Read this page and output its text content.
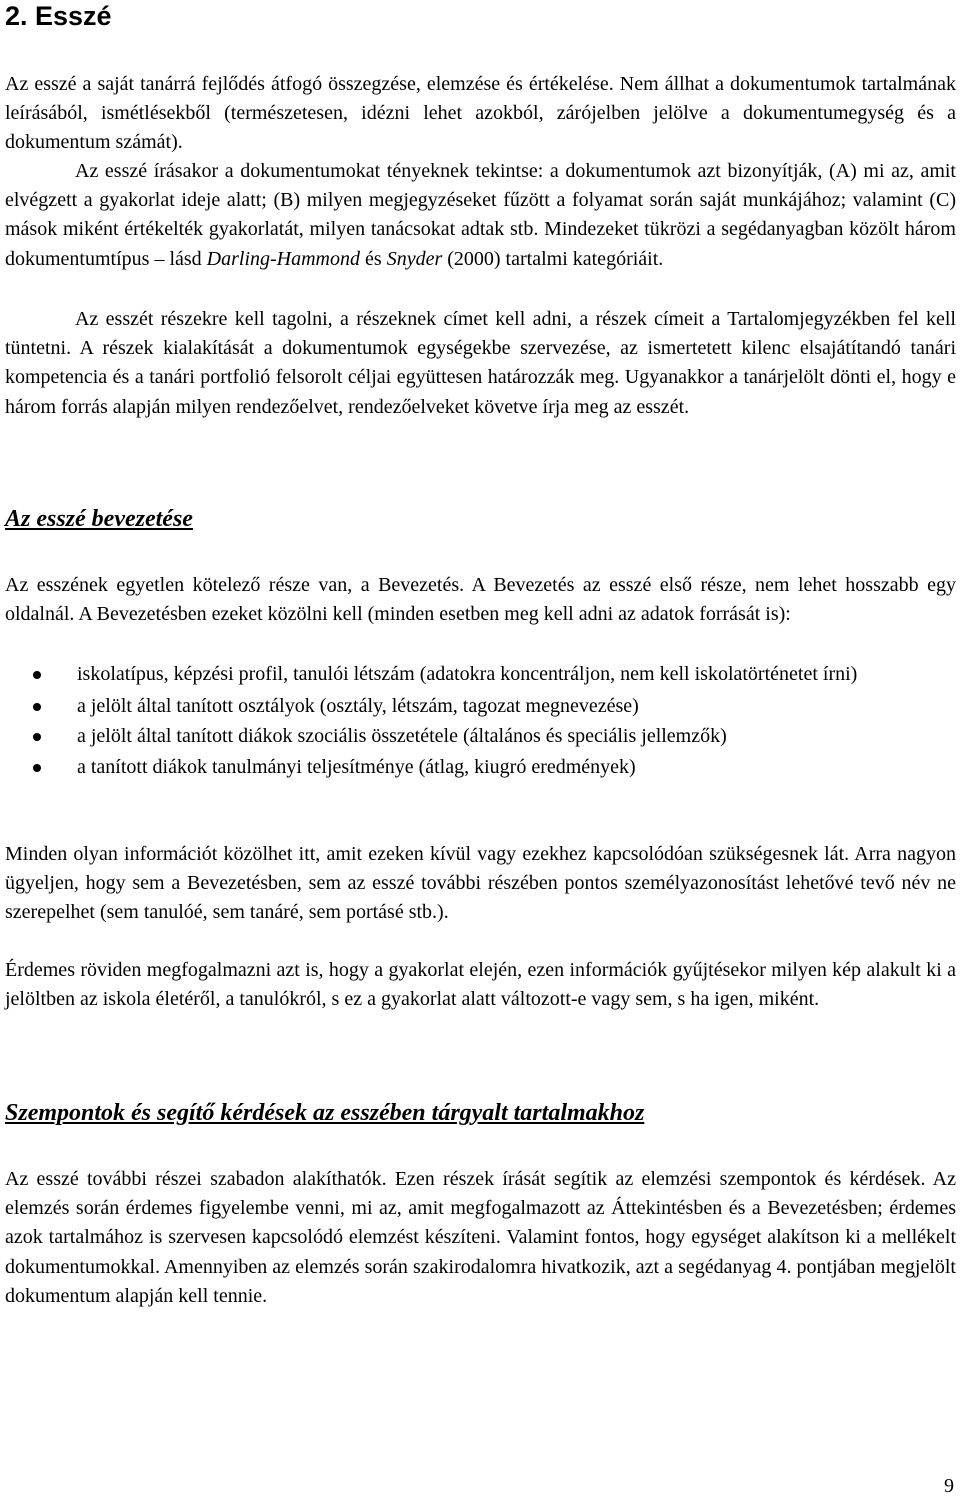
2. Esszé

Az esszé a saját tanárrá fejlődés átfogó összegzése, elemzése és értékelése. Nem állhat a dokumentumok tartalmának leírásából, ismétlésekből (természetesen, idézni lehet azokból, zárójelben jelölve a dokumentumegység és a dokumentum számát).

Az esszé írásakor a dokumentumokat tényeknek tekintse: a dokumentumok azt bizonyítják, (A) mi az, amit elvégzett a gyakorlat ideje alatt; (B) milyen megjegyzéseket fűzött a folyamat során saját munkájához; valamint (C) mások miként értékelték gyakorlatát, milyen tanácsokat adtak stb. Mindezeket tükrözi a segédanyagban közölt három dokumentumtípus – lásd Darling-Hammond és Snyder (2000) tartalmi kategóriáit.

Az esszét részekre kell tagolni, a részeknek címet kell adni, a részek címeit a Tartalomjegyzékben fel kell tüntetni. A részek kialakítását a dokumentumok egységekbe szervezése, az ismertetett kilenc elsajátítandó tanári kompetencia és a tanári portfolió felsorolt céljai együttesen határozzák meg. Ugyanakkor a tanárjelölt dönti el, hogy e három forrás alapján milyen rendezőelvet, rendezőelveket követve írja meg az esszét.

Az esszé bevezetése

Az esszének egyetlen kötelező része van, a Bevezetés. A Bevezetés az esszé első része, nem lehet hosszabb egy oldalnál. A Bevezetésben ezeket közölni kell (minden esetben meg kell adni az adatok forrását is):

iskolatípus, képzési profil, tanulói létszám (adatokra koncentráljon, nem kell iskolatörténetet írni)
a jelölt által tanított osztályok (osztály, létszám, tagozat megnevezése)
a jelölt által tanított diákok szociális összetétele (általános és speciális jellemzők)
a tanított diákok tanulmányi teljesítménye (átlag, kiugró eredmények)

Minden olyan információt közölhet itt, amit ezeken kívül vagy ezekhez kapcsolódóan szükségesnek lát. Arra nagyon ügyeljen, hogy sem a Bevezetésben, sem az esszé további részében pontos személyazonosítást lehetővé tevő név ne szerepelhet (sem tanulóé, sem tanáré, sem portásé stb.).

Érdemes röviden megfogalmazni azt is, hogy a gyakorlat elején, ezen információk gyűjtésekor milyen kép alakult ki a jelöltben az iskola életéről, a tanulókról, s ez a gyakorlat alatt változott-e vagy sem, s ha igen, miként.

Szempontok és segítő kérdések az esszében tárgyalt tartalmakhoz

Az esszé további részei szabadon alakíthatók. Ezen részek írását segítik az elemzési szempontok és kérdések. Az elemzés során érdemes figyelembe venni, mi az, amit megfogalmazott az Áttekintésben és a Bevezetésben; érdemes azok tartalmához is szervesen kapcsolódó elemzést készíteni. Valamint fontos, hogy egységet alakítson ki a mellékelt dokumentumokkal. Amennyiben az elemzés során szakirodalomra hivatkozik, azt a segédanyag 4. pontjában megjelölt dokumentum alapján kell tennie.

9
